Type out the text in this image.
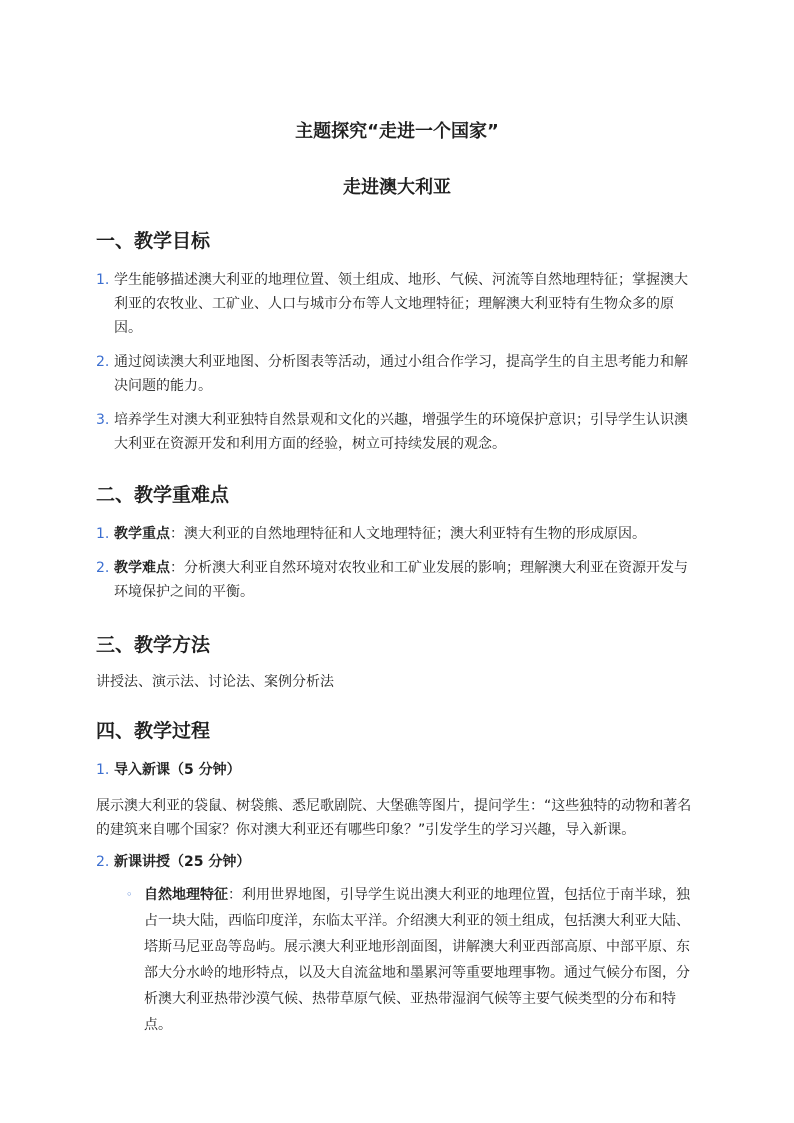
主题探究“走进一个国家”
走进澳大利亚
一、教学目标
1. 学生能够描述澳大利亚的地理位置、领土组成、地形、气候、河流等自然地理特征；掌握澳大利亚的农牧业、工矿业、人口与城市分布等人文地理特征；理解澳大利亚特有生物众多的原因。
2. 通过阅读澳大利亚地图、分析图表等活动，通过小组合作学习，提高学生的自主思考能力和解决问题的能力。
3. 培养学生对澳大利亚独特自然景观和文化的兴趣，增强学生的环境保护意识；引导学生认识澳大利亚在资源开发和利用方面的经验，树立可持续发展的观念。
二、教学重难点
1. 教学重点：澳大利亚的自然地理特征和人文地理特征；澳大利亚特有生物的形成原因。
2. 教学难点：分析澳大利亚自然环境对农牧业和工矿业发展的影响；理解澳大利亚在资源开发与环境保护之间的平衡。
三、教学方法
讲授法、演示法、讨论法、案例分析法
四、教学过程
1. 导入新课（5 分钟）
展示澳大利亚的袋鼠、树袋熊、悉尼歌剧院、大堡礁等图片，提问学生：“这些独特的动物和著名的建筑来自哪个国家？你对澳大利亚还有哪些印象？”引发学生的学习兴趣，导入新课。
2. 新课讲授（25 分钟）
◦ 自然地理特征：利用世界地图，引导学生说出澳大利亚的地理位置，包括位于南半球，独占一块大陆，西临印度洋，东临太平洋。介绍澳大利亚的领土组成，包括澳大利亚大陆、塔斯马尼亚岛等岛屿。展示澳大利亚地形剖面图，讲解澳大利亚西部高原、中部平原、东部大分水岭的地形特点，以及大自流盆地和墨累河等重要地理事物。通过气候分布图，分析澳大利亚热带沙漠气候、热带草原气候、亚热带湿润气候等主要气候类型的分布和特点。
